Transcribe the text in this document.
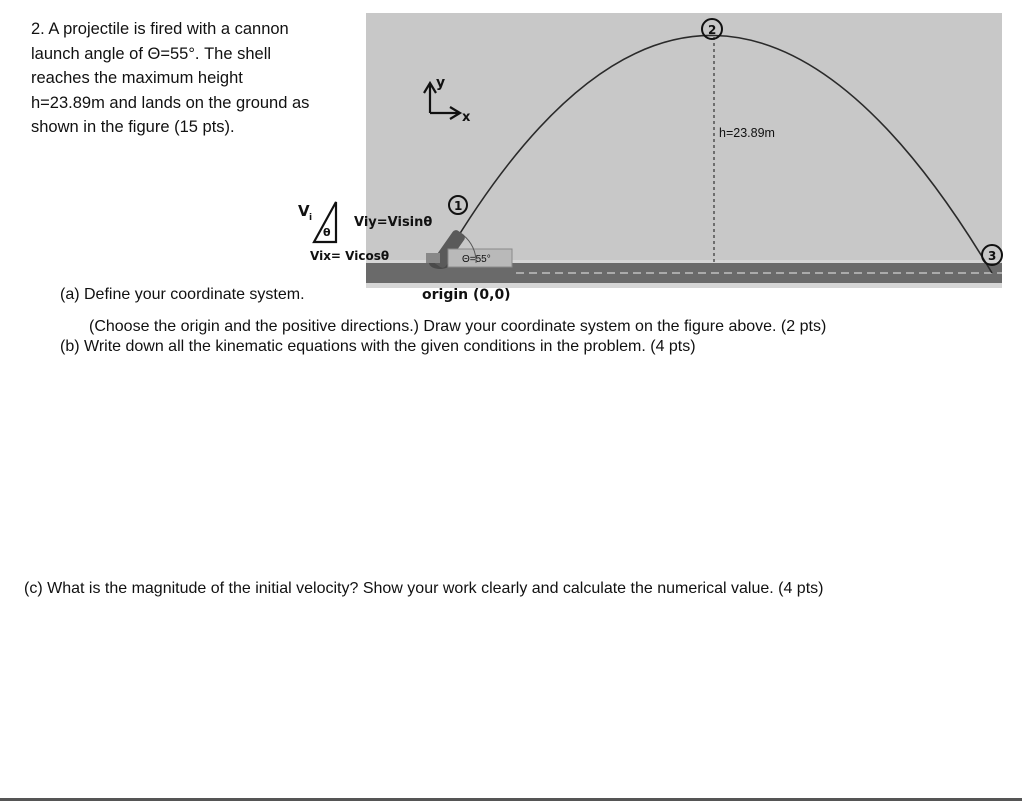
2. A projectile is fired with a cannon
launch angle of Θ=55°. The shell
reaches the maximum height
h=23.89m and lands on the ground as
shown in the figure (15 pts).	h=23.89m
Θ=55°
y
x
1
2
3
origin (0,0)
V i
θ
Viy=Visinθ
Vix= Vicosθ

(a) Define your coordinate system.

(Choose the origin and the positive directions.) Draw your coordinate system on the figure above. (2 pts)

(b) Write down all the kinematic equations with the given conditions in the problem. (4 pts)

(c) What is the magnitude of the initial velocity? Show your work clearly and calculate the numerical value. (4 pts)
